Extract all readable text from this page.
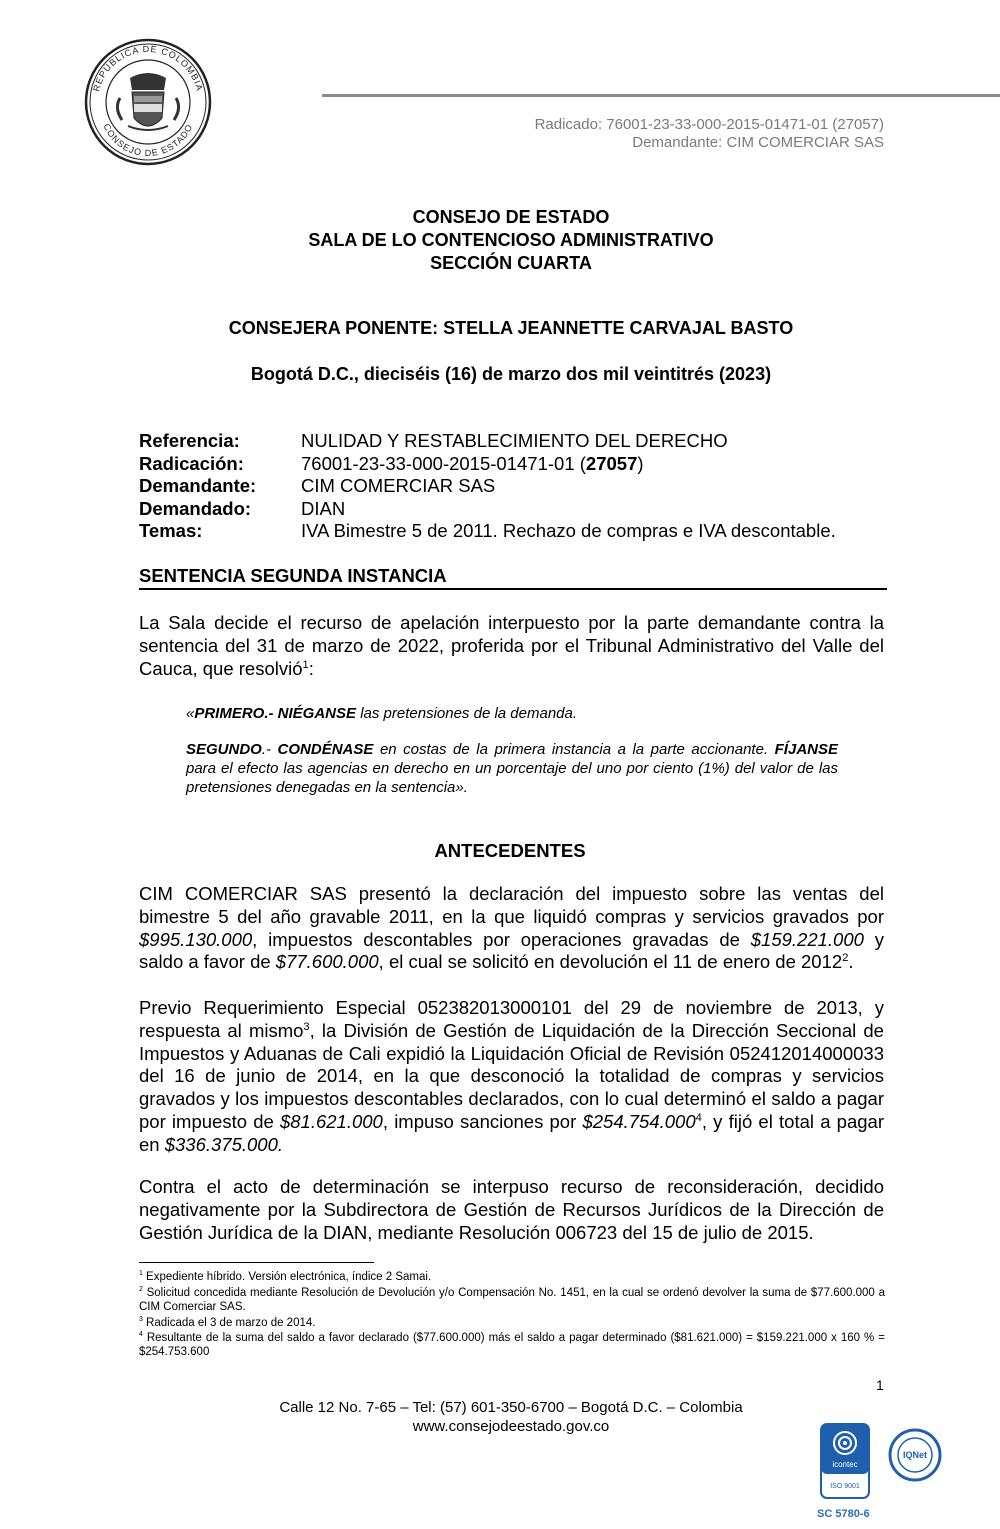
REPÚBLICA DE COLOMBIA
CONSEJO DE ESTADO	Radicado: 76001-23-33-000-2015-01471-01 (27057)
Demandante: CIM COMERCIAR SAS
CONSEJO DE ESTADO
SALA DE LO CONTENCIOSO ADMINISTRATIVO
SECCIÓN CUARTA
CONSEJERA PONENTE: STELLA JEANNETTE CARVAJAL BASTO
Bogotá D.C., dieciséis (16) de marzo dos mil veintitrés (2023)
Referencia:	NULIDAD Y RESTABLECIMIENTO DEL DERECHO
Radicación:	76001-23-33-000-2015-01471-01 (27057)
Demandante:	CIM COMERCIAR SAS
Demandado:	DIAN
Temas:	IVA Bimestre 5 de 2011. Rechazo de compras e IVA descontable.
SENTENCIA SEGUNDA INSTANCIA
La Sala decide el recurso de apelación interpuesto por la parte demandante contra la sentencia del 31 de marzo de 2022, proferida por el Tribunal Administrativo del Valle del Cauca, que resolvió$^1$:
«PRIMERO.- NIÉGANSE las pretensiones de la demanda.
SEGUNDO.- CONDÉNASE en costas de la primera instancia a la parte accionante. FÍJANSE para el efecto las agencias en derecho en un porcentaje del uno por ciento (1%) del valor de las pretensiones denegadas en la sentencia».
ANTECEDENTES
CIM COMERCIAR SAS presentó la declaración del impuesto sobre las ventas del bimestre 5 del año gravable 2011, en la que liquidó compras y servicios gravados por $995.130.000, impuestos descontables por operaciones gravadas de $159.221.000 y saldo a favor de $77.600.000, el cual se solicitó en devolución el 11 de enero de 2012$^2$.
Previo Requerimiento Especial 052382013000101 del 29 de noviembre de 2013, y respuesta al mismo$^3$, la División de Gestión de Liquidación de la Dirección Seccional de Impuestos y Aduanas de Cali expidió la Liquidación Oficial de Revisión 052412014000033 del 16 de junio de 2014, en la que desconoció la totalidad de compras y servicios gravados y los impuestos descontables declarados, con lo cual determinó el saldo a pagar por impuesto de $81.621.000, impuso sanciones por $254.754.000$^4$, y fijó el total a pagar en $336.375.000.
Contra el acto de determinación se interpuso recurso de reconsideración, decidido negativamente por la Subdirectora de Gestión de Recursos Jurídicos de la Dirección de Gestión Jurídica de la DIAN, mediante Resolución 006723 del 15 de julio de 2015.
$^1$ Expediente híbrido. Versión electrónica, índice 2 Samai.
$^2$ Solicitud concedida mediante Resolución de Devolución y/o Compensación No. 1451, en la cual se ordenó devolver la suma de $77.600.000 a CIM Comerciar SAS.
$^3$ Radicada el 3 de marzo de 2014.
$^4$ Resultante de la suma del saldo a favor declarado ($77.600.000) más el saldo a pagar determinado ($81.621.000) = $159.221.000 x 160 % = $254.753.600
1
Calle 12 No. 7-65 – Tel: (57) 601-350-6700 – Bogotá D.C. – Colombia
www.consejodeestado.gov.co
icontec
ISO 9001
IQNet
SC 5780-6
